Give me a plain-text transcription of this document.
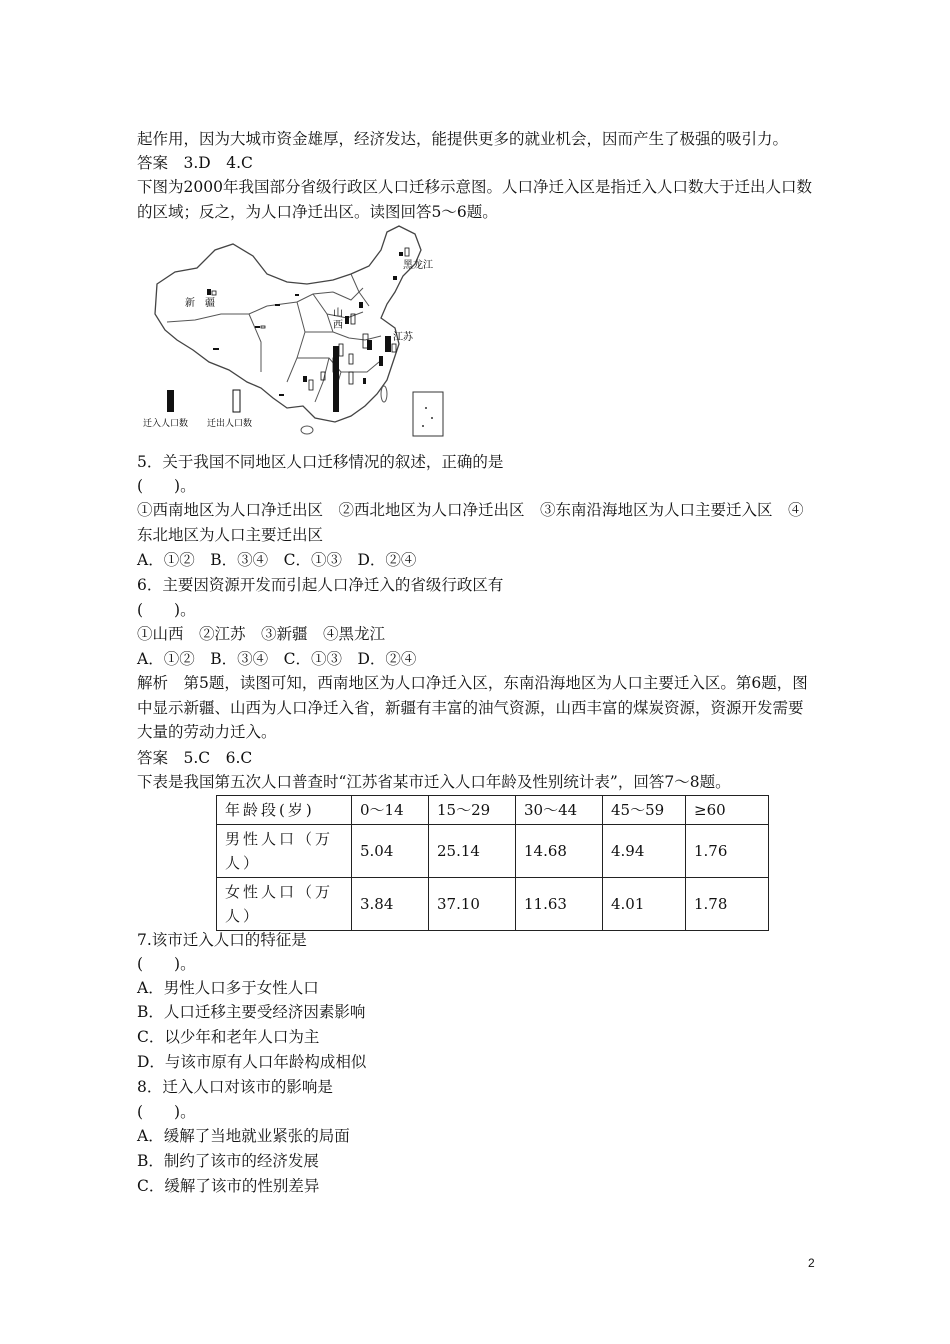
起作用，因为大城市资金雄厚，经济发达，能提供更多的就业机会，因而产生了极强的吸引力。
答案　3.D　4.C
下图为2000年我国部分省级行政区人口迁移示意图。人口净迁入区是指迁入人口数大于迁出人口数的区域；反之，为人口净迁出区。读图回答5～6题。
新　疆
黑龙江
山
西
江苏
迁入人口数 迁出人口数
5．关于我国不同地区人口迁移情况的叙述，正确的是
(　　)。
①西南地区为人口净迁出区　②西北地区为人口净迁出区　③东南沿海地区为人口主要迁入区　④东北地区为人口主要迁出区
A．①②　B．③④　C．①③　D．②④
6．主要因资源开发而引起人口净迁入的省级行政区有
(　　)。
①山西　②江苏　③新疆　④黑龙江
A．①②　B．③④　C．①③　D．②④
解析　第5题，读图可知，西南地区为人口净迁入区，东南沿海地区为人口主要迁入区。第6题，图中显示新疆、山西为人口净迁入省，新疆有丰富的油气资源，山西丰富的煤炭资源，资源开发需要大量的劳动力迁入。
答案　5.C　6.C
下表是我国第五次人口普查时“江苏省某市迁入人口年龄及性别统计表”，回答7～8题。
年龄段(岁)	0～14	15～29	30～44	45～59	≥60
男性人口（万人）	5.04	25.14	14.68	4.94	1.76
女性人口（万人）	3.84	37.10	11.63	4.01	1.78
7.该市迁入人口的特征是
(　　)。
A．男性人口多于女性人口
B．人口迁移主要受经济因素影响
C．以少年和老年人口为主
D．与该市原有人口年龄构成相似
8．迁入人口对该市的影响是
(　　)。
A．缓解了当地就业紧张的局面
B．制约了该市的经济发展
C．缓解了该市的性别差异
2
